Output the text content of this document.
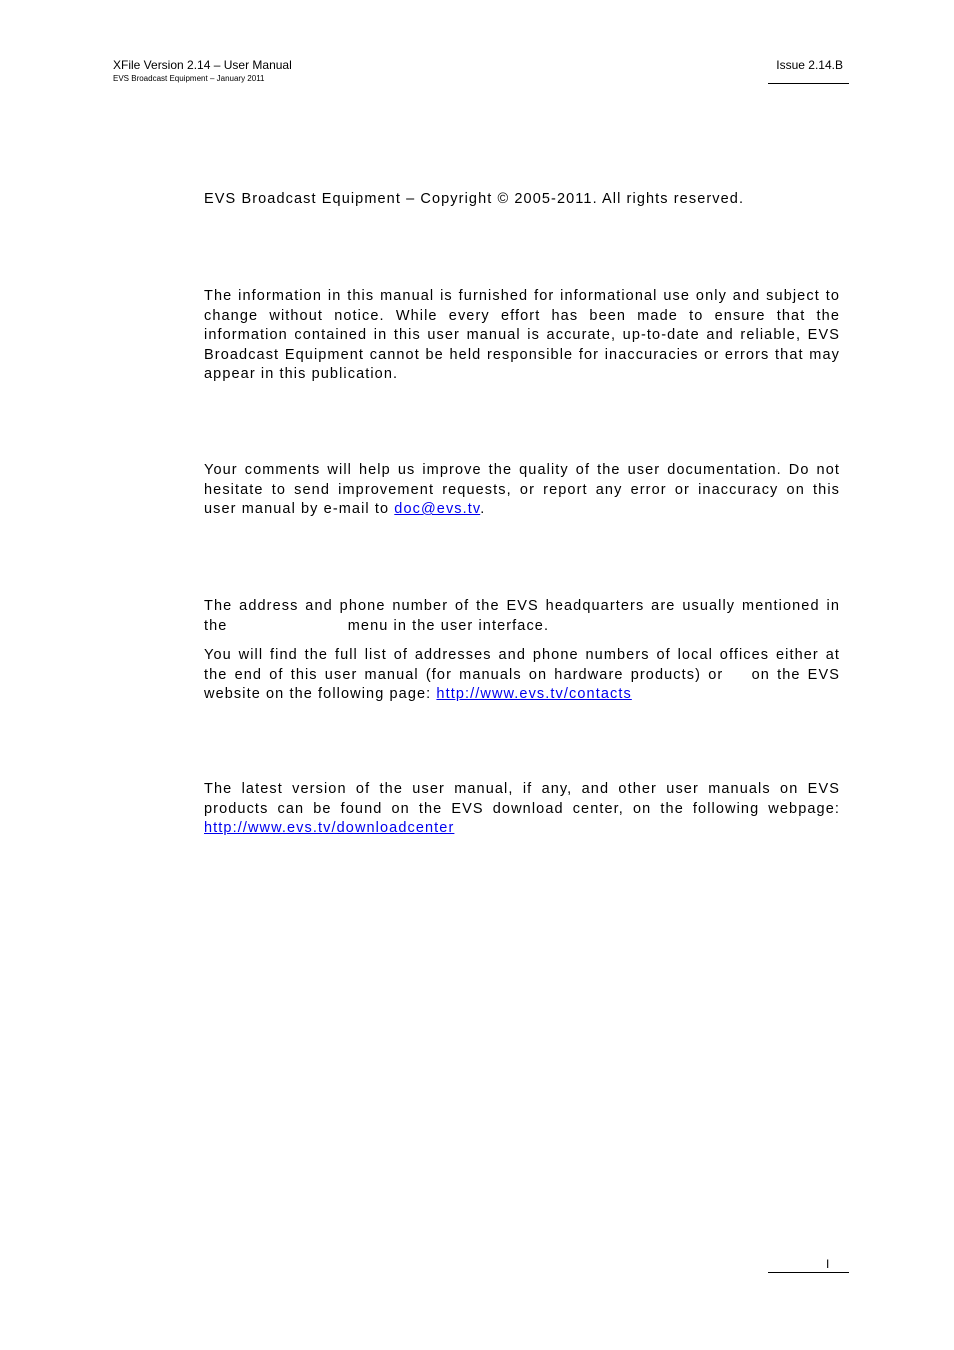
XFile Version 2.14 – User Manual
EVS Broadcast Equipment – January 2011
Issue 2.14.B

EVS Broadcast Equipment – Copyright © 2005-2011. All rights reserved.

The information in this manual is furnished for informational use only and subject to change without notice. While every effort has been made to ensure that the information contained in this user manual is accurate, up-to-date and reliable, EVS Broadcast Equipment cannot be held responsible for inaccuracies or errors that may appear in this publication.

Your comments will help us improve the quality of the user documentation. Do not hesitate to send improvement requests, or report any error or inaccuracy on this user manual by e-mail to doc@evs.tv.

The address and phone number of the EVS headquarters are usually mentioned in the	menu in the user interface.

You will find the full list of addresses and phone numbers of local offices either at the end of this user manual (for manuals on hardware products) or  on the EVS website on the following page: http://www.evs.tv/contacts

The latest version of the user manual, if any, and other user manuals on EVS products can be found on the EVS download center, on the following webpage: http://www.evs.tv/downloadcenter

I
